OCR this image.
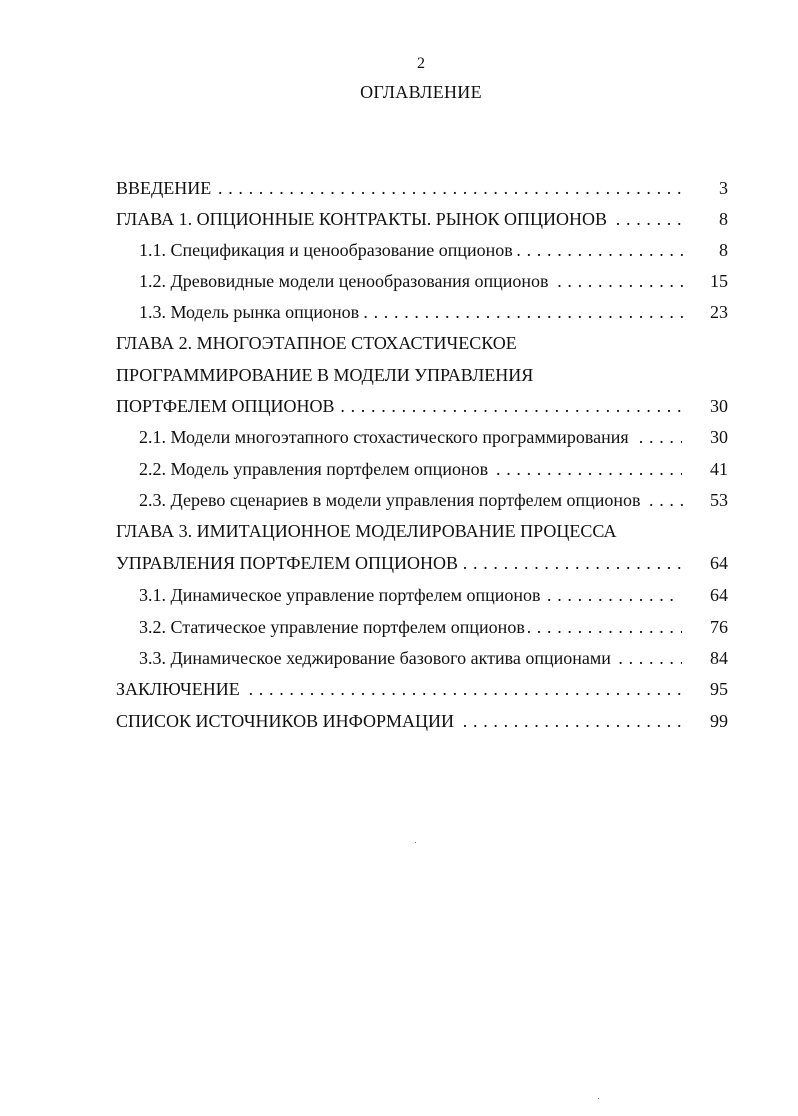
2
ОГЛАВЛЕНИЕ
ВВЕДЕНИЕ . . .	3
ГЛАВА 1. ОПЦИОННЫЕ КОНТРАКТЫ. РЫНОК ОПЦИОНОВ . . .	8
1.1. Спецификация и ценообразование опционов . . .	8
1.2. Древовидные модели ценообразования опционов . . .	15
1.3. Модель рынка опционов . . .	23
ГЛАВА 2. МНОГОЭТАПНОЕ СТОХАСТИЧЕСКОЕ
ПРОГРАММИРОВАНИЕ В МОДЕЛИ УПРАВЛЕНИЯ
ПОРТФЕЛЕМ ОПЦИОНОВ . . .	30
2.1. Модели многоэтапного стохастического программирования . . .	30
2.2. Модель управления портфелем опционов . . .	41
2.3. Дерево сценариев в модели управления портфелем опционов . . .	53
ГЛАВА 3. ИМИТАЦИОННОЕ МОДЕЛИРОВАНИЕ ПРОЦЕССА
УПРАВЛЕНИЯ ПОРТФЕЛЕМ ОПЦИОНОВ . . .	64
3.1. Динамическое управление портфелем опционов . . .	64
3.2. Статическое управление портфелем опционов . . .	76
3.3. Динамическое хеджирование базового актива опционами . . .	84
ЗАКЛЮЧЕНИЕ . . .	95
СПИСОК ИСТОЧНИКОВ ИНФОРМАЦИИ . . .	99
